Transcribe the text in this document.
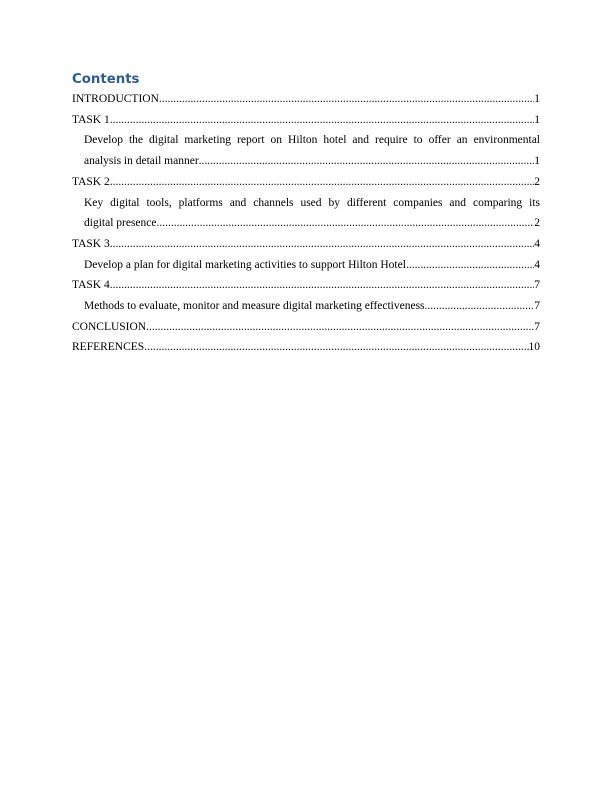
Contents
INTRODUCTION .....	1
TASK 1 .....	1
Develop the digital marketing report on Hilton hotel and require to offer an environmental
analysis in detail manner .....	1
TASK 2 .....	2
Key digital tools, platforms and channels used by different companies and comparing its
digital presence .....	2
TASK 3 .....	4
Develop a plan for digital marketing activities to support Hilton Hotel .....	4
TASK 4 .....	7
Methods to evaluate, monitor and measure digital marketing effectiveness .....	7
CONCLUSION .....	7
REFERENCES .....	10
